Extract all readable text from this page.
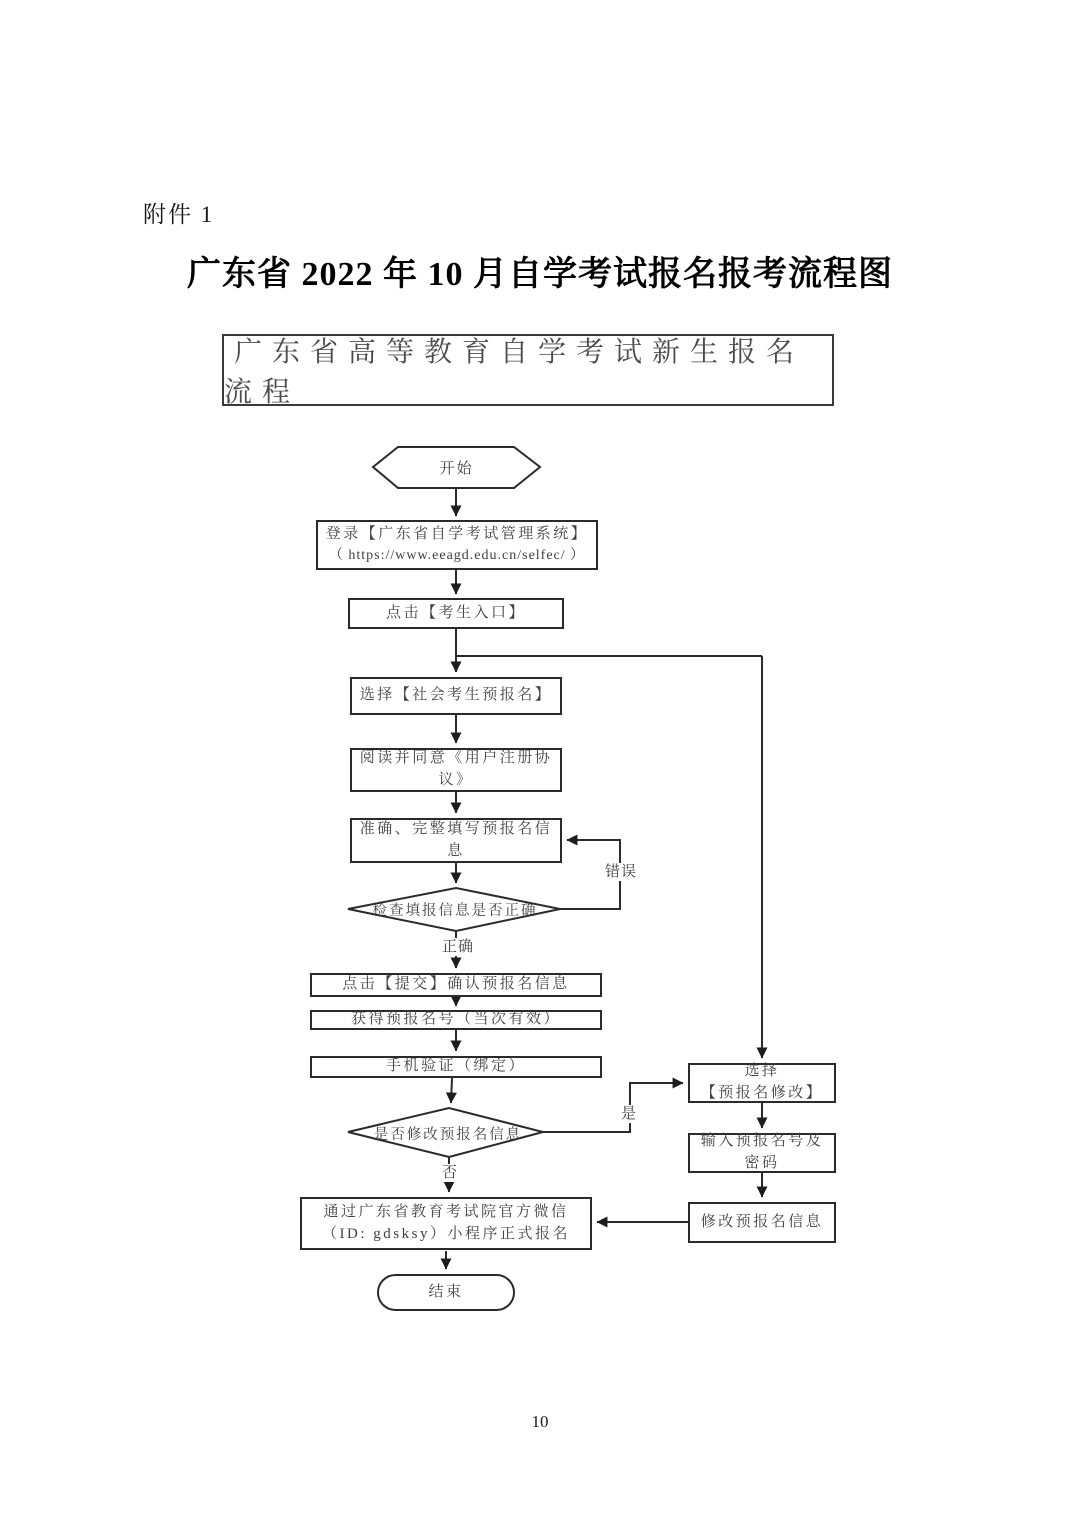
附件 1
广东省 2022 年 10 月自学考试报名报考流程图
广东省高等教育自学考试新生报名流程
登录【广东省自学考试管理系统】
（ https://www.eeagd.edu.cn/selfec/ ）
点击【考生入口】
选择【社会考生预报名】
阅读并同意《用户注册协议》
准确、完整填写预报名信息
点击【提交】确认预报名信息
获得预报名号（当次有效）
手机验证（绑定）
通过广东省教育考试院官方微信
（ID: gdsksy）小程序正式报名
结束
选择
【预报名修改】
输入预报名号及
密码
修改预报名信息
开始
检查填报信息是否正确
是否修改预报名信息
错误
正确
是
否
10
